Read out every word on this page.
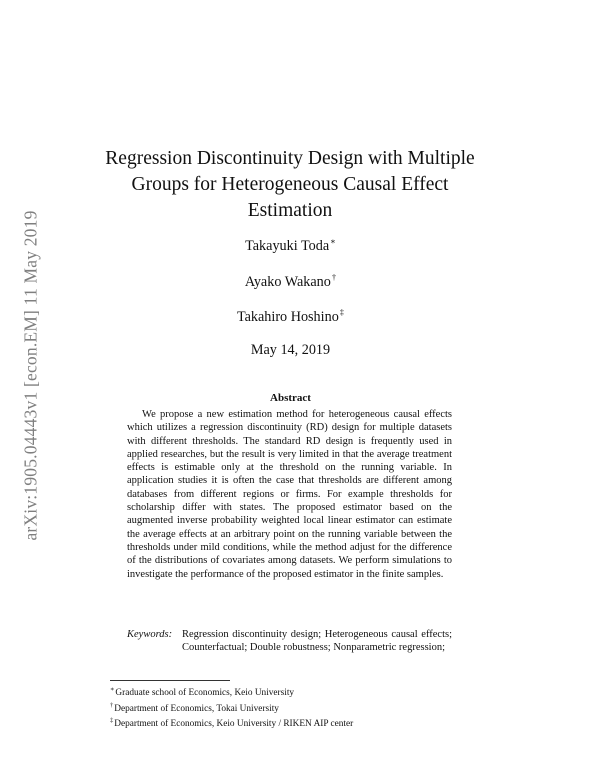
arXiv:1905.04443v1 [econ.EM] 11 May 2019
Regression Discontinuity Design with Multiple Groups for Heterogeneous Causal Effect Estimation
Takayuki Toda∗
Ayako Wakano†
Takahiro Hoshino‡
May 14, 2019
Abstract

We propose a new estimation method for heterogeneous causal effects which utilizes a regression discontinuity (RD) design for multiple datasets with different thresholds. The standard RD design is frequently used in applied researches, but the result is very limited in that the average treatment effects is estimable only at the threshold on the running variable. In application studies it is often the case that thresholds are different among databases from different regions or firms. For example thresholds for scholarship differ with states. The proposed estimator based on the augmented inverse probability weighted local linear estimator can estimate the average effects at an arbitrary point on the running variable between the thresholds under mild conditions, while the method adjust for the difference of the distributions of covariates among datasets. We perform simulations to investigate the performance of the proposed estimator in the finite samples.

Keywords: Regression discontinuity design; Heterogeneous causal effects; Counterfactual; Double robustness; Nonparametric regression;
∗Graduate school of Economics, Keio University
†Department of Economics, Tokai University
‡Department of Economics, Keio University / RIKEN AIP center
